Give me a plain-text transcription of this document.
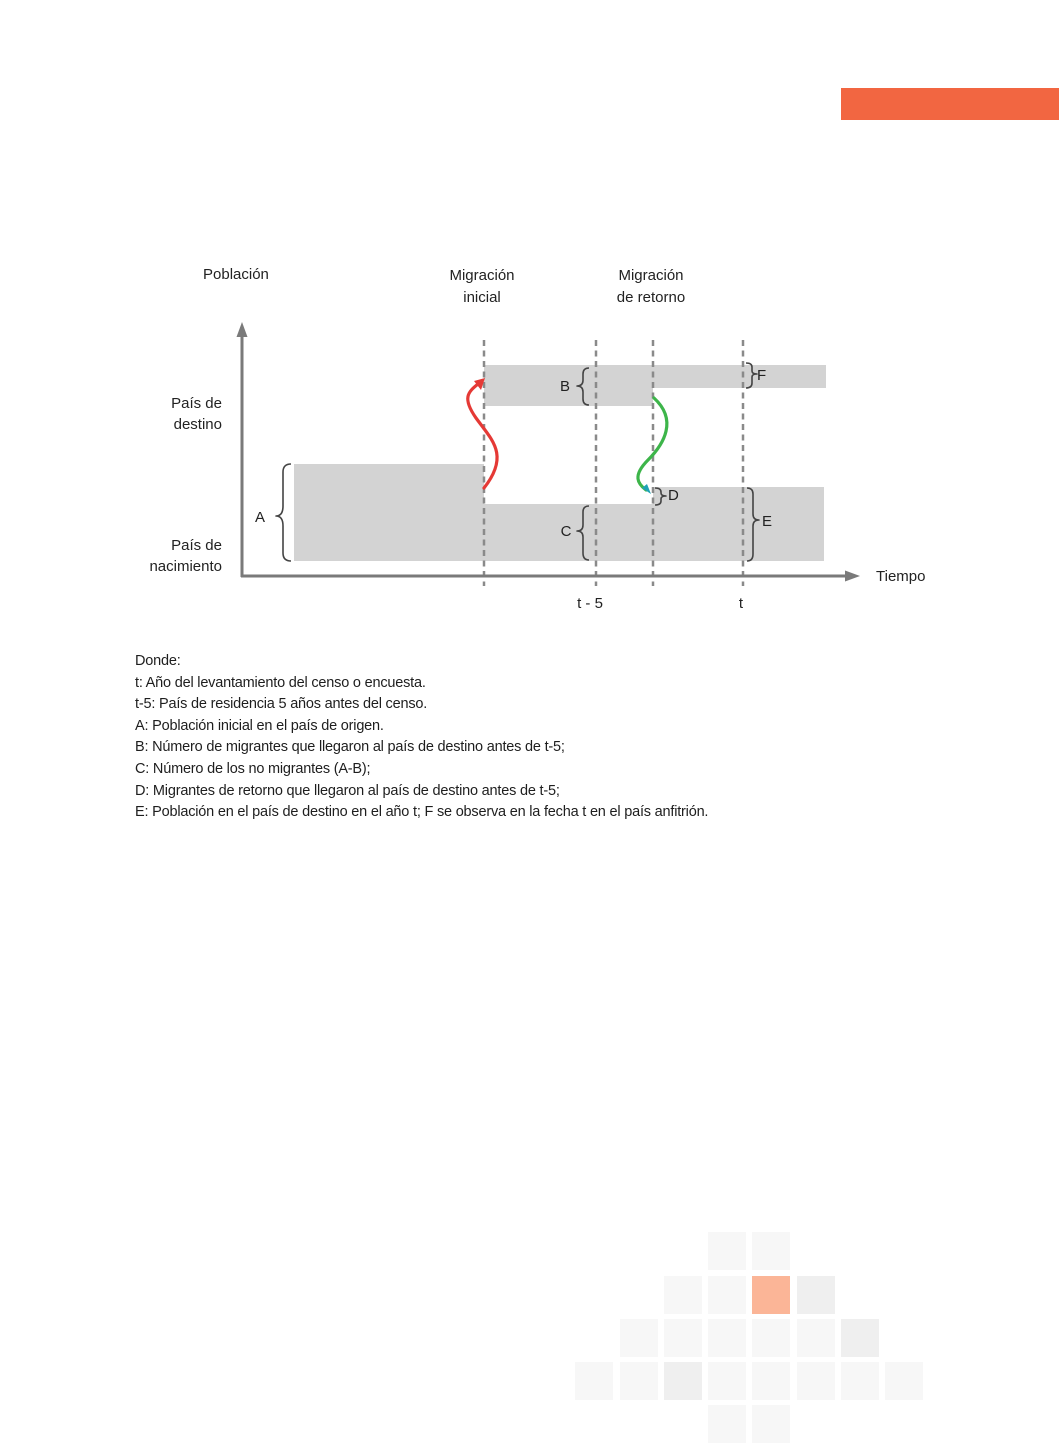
Población
Tiempo
País de
destino
País de
nacimiento
Migración
inicial
Migración
de retorno
t - 5	t
A
B
C
D
E
F
Donde:
t: Año del levantamiento del censo o encuesta.
t-5: País de residencia 5 años antes del censo.
A: Población inicial en el país de origen.
B: Número de migrantes que llegaron al país de destino antes de t-5;
C: Número de los no migrantes (A-B);
D: Migrantes de retorno que llegaron al país de destino antes de t-5;
E: Población en el país de destino en el año t; F se observa en la fecha t en el país anfitrión.
